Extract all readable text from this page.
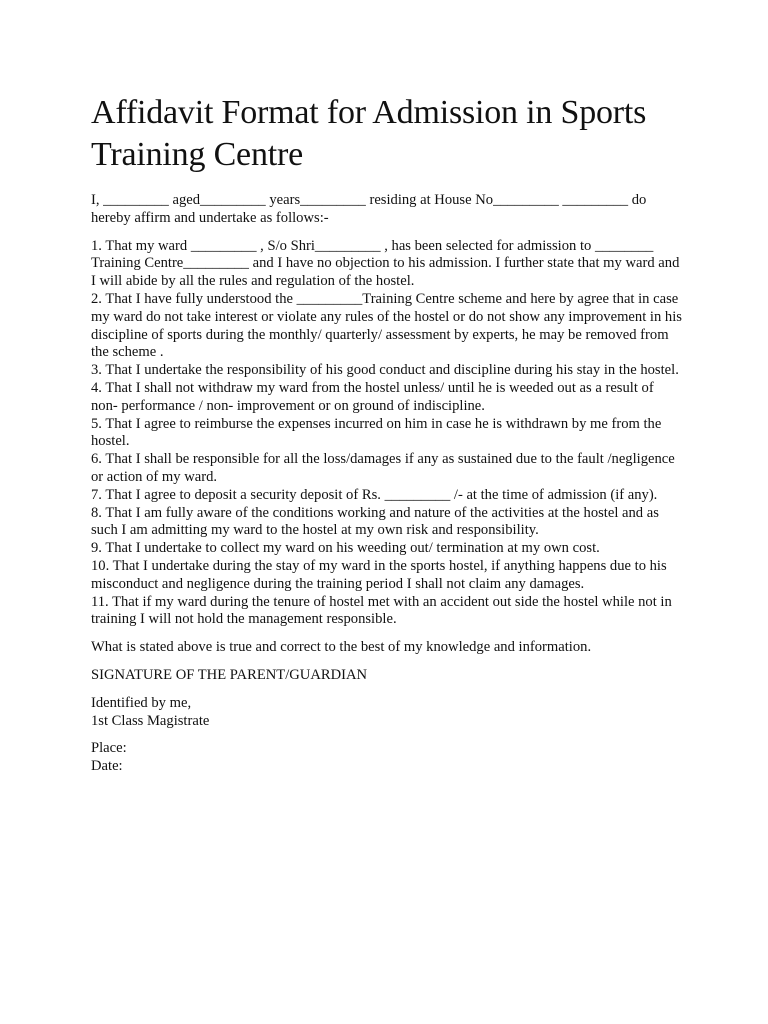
Affidavit Format for Admission in Sports Training Centre

I, _________ aged_________ years_________ residing at House No_________ _________ do hereby affirm and undertake as follows:-

1. That my ward _________ , S/o Shri_________ , has been selected for admission to ________ Training Centre_________ and I have no objection to his admission. I further state that my ward and I will abide by all the rules and regulation of the hostel.

2. That I have fully understood the _________Training Centre scheme and here by agree that in case my ward do not take interest or violate any rules of the hostel or do not show any improvement in his discipline of sports during the monthly/ quarterly/ assessment by experts, he may be removed from the scheme .

3. That I undertake the responsibility of his good conduct and discipline during his stay in the hostel.

4. That I shall not withdraw my ward from the hostel unless/ until he is weeded out as a result of non- performance / non- improvement or on ground of indiscipline.

5. That I agree to reimburse the expenses incurred on him in case he is withdrawn by me from the hostel.

6. That I shall be responsible for all the loss/damages if any as sustained due to the fault /negligence or action of my ward.

7. That I agree to deposit a security deposit of Rs. _________ /- at the time of admission (if any).

8. That I am fully aware of the conditions working and nature of the activities at the hostel and as such I am admitting my ward to the hostel at my own risk and responsibility.

9. That I undertake to collect my ward on his weeding out/ termination at my own cost.

10. That I undertake during the stay of my ward in the sports hostel, if anything happens due to his misconduct and negligence during the training period I shall not claim any damages.

11. That if my ward during the tenure of hostel met with an accident out side the hostel while not in training I will not hold the management responsible.

What is stated above is true and correct to the best of my knowledge and information.

SIGNATURE OF THE PARENT/GUARDIAN

Identified by me,
1st Class Magistrate

Place:
Date:
